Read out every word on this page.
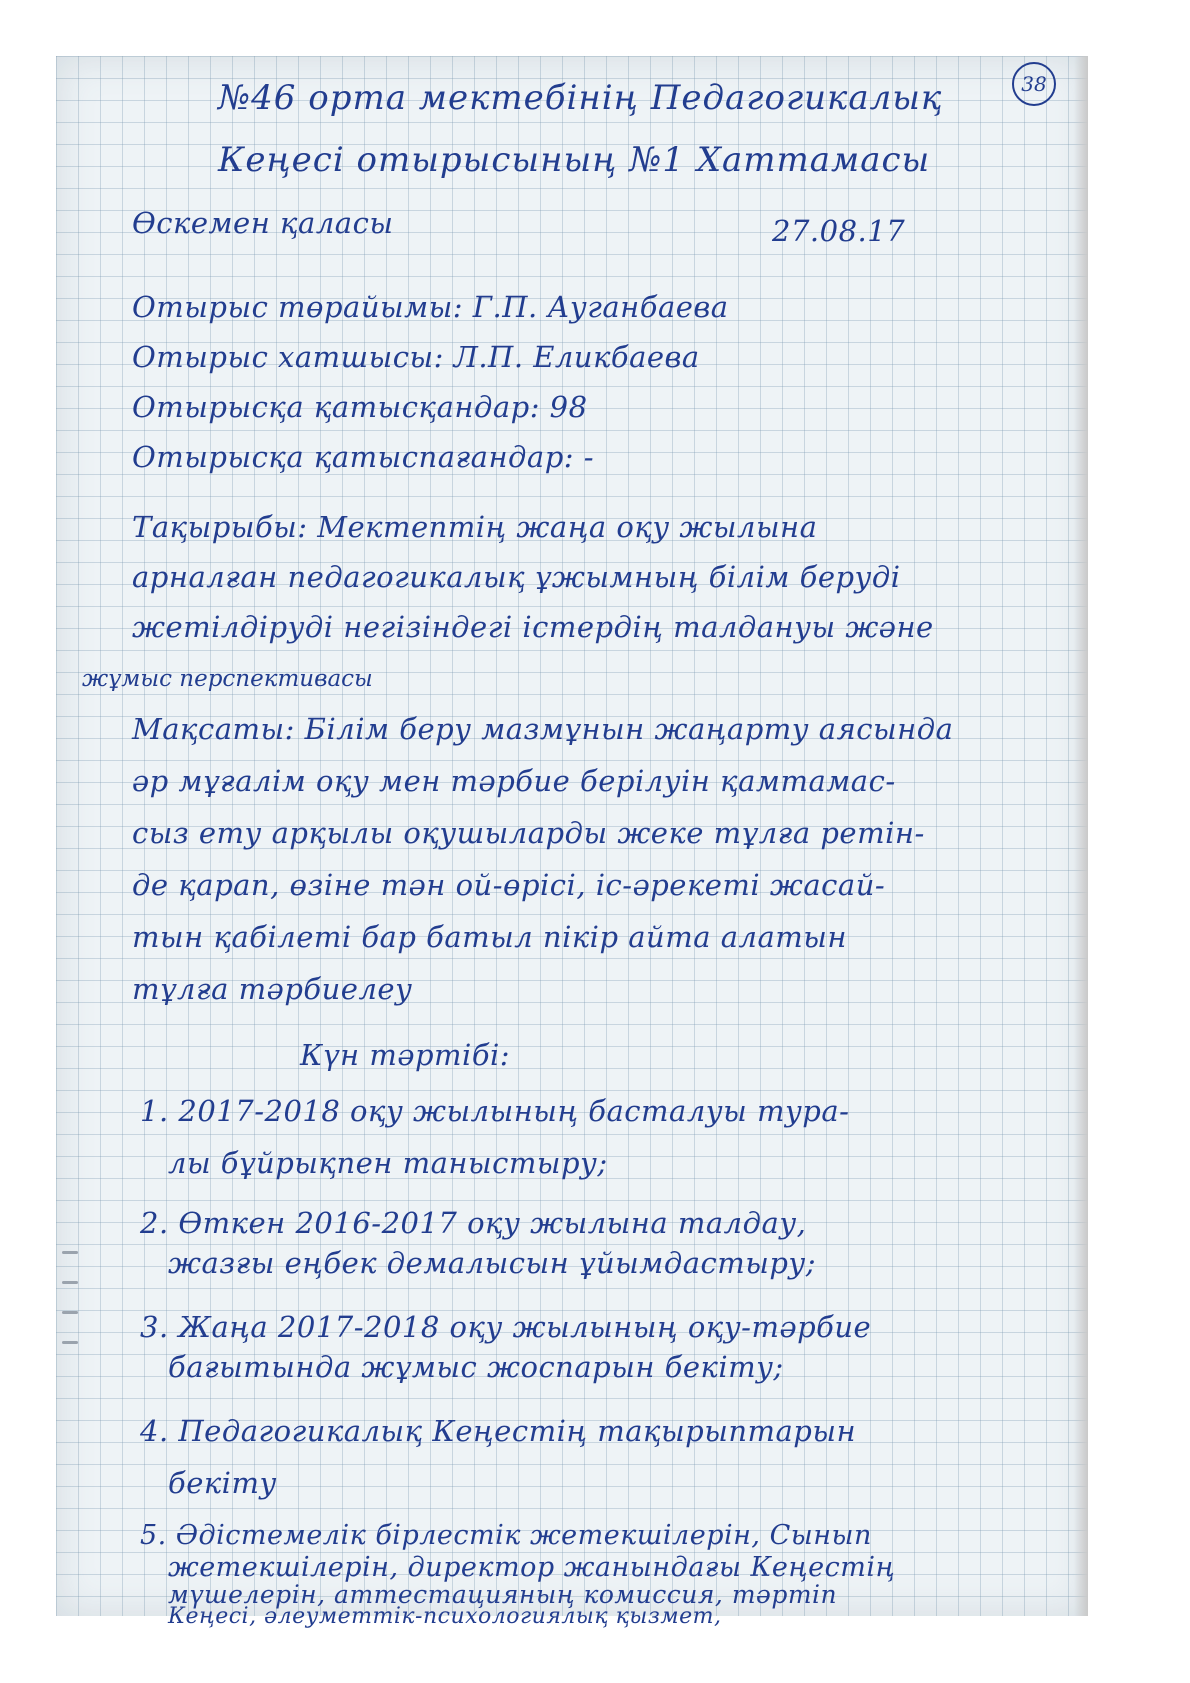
38

№46 орта мектебінің Педагогикалық

Кеңесі отырысының №1 Хаттамасы

Өскемен қаласы	27.08.17

Отырыс төрайымы: Г.П. Ауганбаева

Отырыс хатшысы: Л.П. Еликбаева

Отырысқа қатысқандар: 98

Отырысқа қатыспағандар: -

Тақырыбы: Мектептің жаңа оқу жылына

арналған педагогикалық ұжымның білім беруді

жетілдіруді негізіндегі істердің талдануы және

жұмыс перспективасы

Мақсаты: Білім беру мазмұнын жаңарту аясында

әр мұғалім оқу мен тәрбие берілуін қамтамас-

сыз ету арқылы оқушыларды жеке тұлға ретін-

де қарап, өзіне тән ой-өрісі, іс-әрекеті жасай-

тын қабілеті бар батыл пікір айта алатын

тұлға тәрбиелеу

Күн тәртібі:

1. 2017-2018 оқу жылының басталуы тура-

лы бұйрықпен таныстыру;

2. Өткен 2016-2017 оқу жылына талдау,

жазғы еңбек демалысын ұйымдастыру;

3. Жаңа 2017-2018 оқу жылының оқу-тәрбие

бағытында жұмыс жоспарын бекіту;

4. Педагогикалық Кеңестің тақырыптарын

бекіту

5. Әдістемелік бірлестік жетекшілерін, Сынып

жетекшілерін, директор жанындағы Кеңестің

мүшелерін, аттестацияның комиссия, тәртіп

Кеңесі, әлеуметтік-психологиялық қызмет,
